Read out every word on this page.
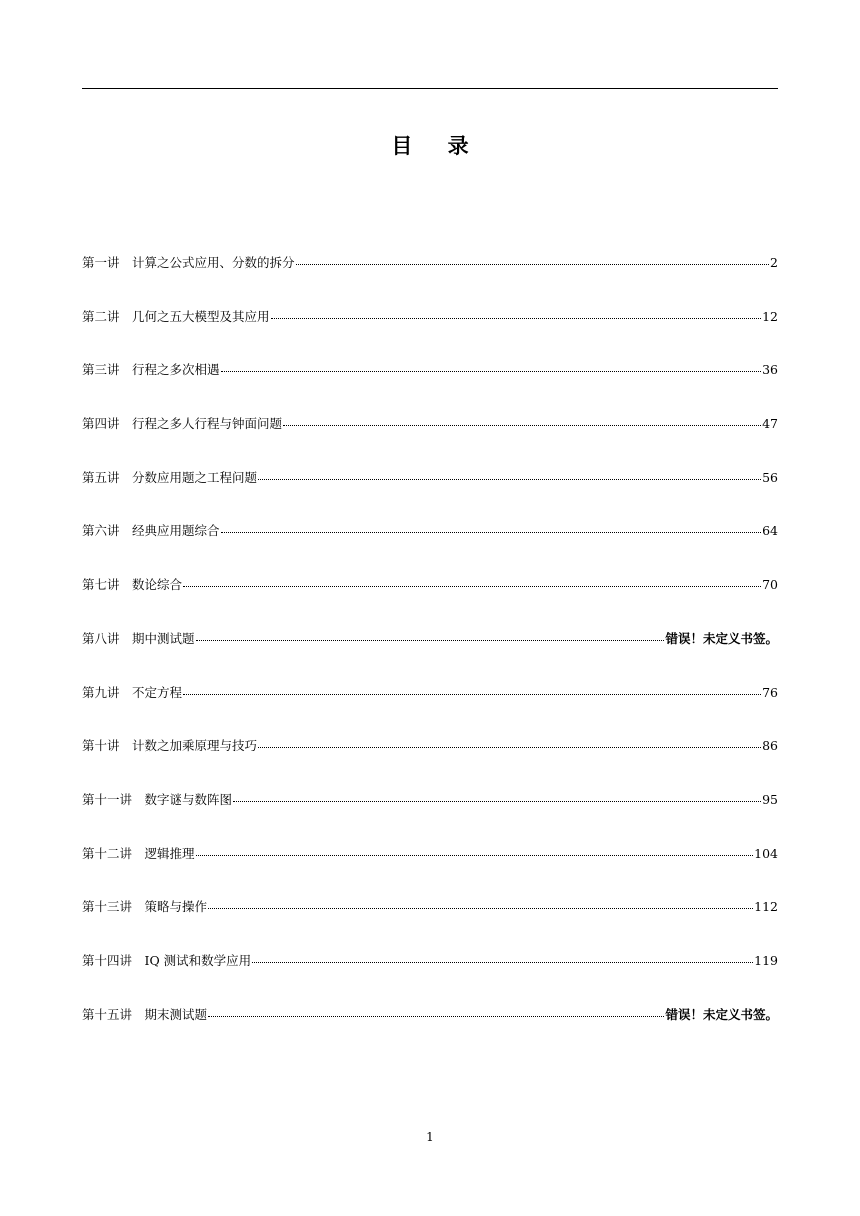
目 录
第一讲  计算之公式应用、分数的拆分	2
第二讲  几何之五大模型及其应用	12
第三讲  行程之多次相遇	36
第四讲  行程之多人行程与钟面问题	47
第五讲  分数应用题之工程问题	56
第六讲  经典应用题综合	64
第七讲  数论综合	70
第八讲  期中测试题	错误！未定义书签。
第九讲  不定方程	76
第十讲  计数之加乘原理与技巧	86
第十一讲  数字谜与数阵图	95
第十二讲  逻辑推理	104
第十三讲  策略与操作	112
第十四讲  IQ 测试和数学应用	119
第十五讲  期末测试题	错误！未定义书签。
1
